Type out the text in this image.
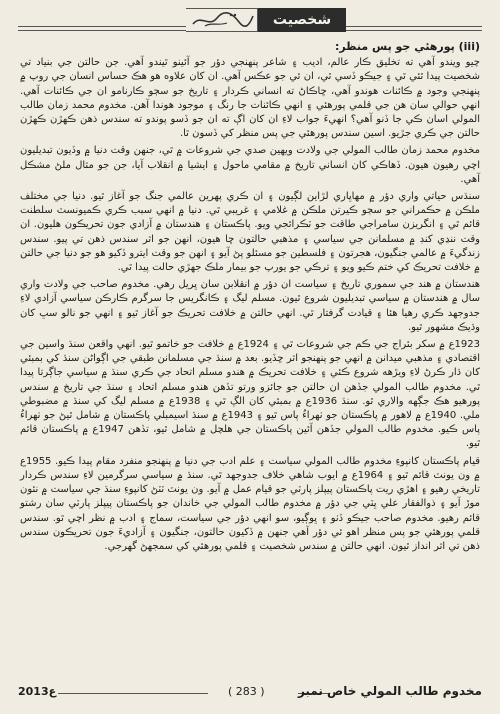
شخصيت

(iii) پورهئي جو پس منظر:

چيو ويندو آهي ته تخليق ڪار عالم، اديب ۽ شاعر پنهنجي دؤر جو آئينو ٿيندو آهي. جن حالتن جي بنياد تي شخصيت پيدا ٿئي ٿي ۽ جيڪو ڏسي ٿي، ان ئي جو عڪس آهي. ان کان علاوه هو هڪ حساس انسان جي روپ ۾ پنهنجي وجود ۾ ڪائنات هوندو آهي، ڇاڪاڻ ته انساني ڪردار ۽ تاريخ جو سڄو ڪارنامو ان جي ڪائنات آهي. انهي حوالي سان هن جي قلمي پورهئي ۽ انهي ڪائنات جا رنگ ۽ موجود هوندا آهن. مخدوم محمد زمان طالب المولي اسان ڪي جا ڏنو آهي؟ انهيءَ جواب لاءِ ان کان اڳ ته ان جو ڏسو پوندو ته سندس ذهن ڪهڙن ڪهڙن حالتن جي ڪري جڙيو. اسين سندس پورهئي جي پس منظر کي ڏسون ٿا.

مخدوم محمد زمان طالب المولي جي ولادت ويهين صدي جي شروعات ۾ ٿي، جنهن وقت دنيا ۾ وڏيون تبديليون اچي رهيون هيون. ڏهاڪي کان انساني تاريخ ۾ مقامي ماحول ۽ ايشيا ۾ انقلاب آيا، جن جو مثال ملڻ مشڪل آهي.

سنڌس حياتي واري دؤر ۾ مهاڀاري لڙاين لڳيون ۽ ان ڪري پهرين عالمي جنگ جو آغاز ٿيو. دنيا جي مختلف ملڪن ۾ حڪمراني جو سڄو ڪيرتن ملڪن ۾ غلامي ۽ غريبي ٿي. دنيا ۾ انهي سبب ڪري ڪميونسٽ سلطنت قائم ٿي ۽ انگريزن سامراجي طاقت جو ٽڪرائجي ويو. پاڪستان ۽ هندستان ۾ آزادي جون تحريڪون هليون. ان وقت ننڍي کنڊ ۾ مسلمانن جي سياسي ۽ مذهبي حالتون ڇا هيون، انهن جو اثر سندس ذهن تي پيو. سندس زندگيءَ ۾ عالمي جنگيون، هجرتون ۽ فلسطين جو مسئلو پڻ آيو ۽ انهن جو وقت ايترو ڏکيو هو جو دنيا جي حالتن ۾ خلافت تحريڪ کي ختم ڪيو ويو ۽ ترڪي جو يورپ جو بيمار ملڪ جهڙي حالت پيدا ٿي.

هندستان ۾ هند جي سموري تاريخ ۽ سياست ان دؤر ۾ انقلابن سان ڀريل رهي. مخدوم صاحب جي ولادت واري سال ۾ هندستان ۾ سياسي تبديليون شروع ٿيون. مسلم ليگ ۽ ڪانگريس جا سرگرم ڪارڪن سياسي آزادي لاءِ جدوجهد ڪري رهيا هئا ۽ قيادت گرفتار ٿي. انهي حالتن ۾ خلافت تحريڪ جو آغاز ٿيو ۽ انهي جو نالو سڀ کان وڌيڪ مشهور ٿيو.

1923ع ۾ سکر بئراج جي ڪم جي شروعات ٿي ۽ 1924ع ۾ خلافت جو خاتمو ٿيو. انهي واقعن سنڌ واسين جي اقتصادي ۽ مذهبي ميدانن ۾ انهي جو پنهنجو اثر ڇڏيو. بعد ۾ سنڌ جي مسلمانن طبقي جي اڳواڻن سنڌ کي بمبئي کان ڌار ڪرڻ لاءِ ويڙهه شروع ڪئي ۽ خلافت تحريڪ ۾ هندو مسلم اتحاد جي ڪري سنڌ ۾ سياسي جاڳرتا پيدا ٿي. مخدوم طالب المولي جڏهن ان حالتن جو جائزو ورتو تڏهن هندو مسلم اتحاد ۽ سنڌ جي تاريخ ۾ سندس پورهيو هڪ جڳهه والاري ٿو. سنڌ 1936ع ۾ بمبئي کان الڳ ٿي ۽ 1938ع ۾ مسلم ليگ کي سنڌ ۾ مضبوطي ملي. 1940ع ۾ لاهور ۾ پاڪستان جو ٺهراءُ پاس ٿيو ۽ 1943ع ۾ سنڌ اسيمبلي پاڪستان ۾ شامل ٿيڻ جو ٺهراءُ پاس ڪيو. مخدوم طالب المولي جڏهن آئين پاڪستان جي هلچل ۾ شامل ٿيو، تڏهن 1947ع ۾ پاڪستان قائم ٿيو.

قيام پاڪستان کانپوءِ مخدوم طالب المولي سياست ۽ علم ادب جي دنيا ۾ پنهنجو منفرد مقام پيدا ڪيو. 1955ع ۾ ون يونٽ قائم ٿيو ۽ 1964ع ۾ ايوب شاهي خلاف جدوجهد ٿي. سنڌ ۾ سياسي سرگرمين لاءِ سندس ڪردار تاريخي رهيو ۽ اهڙي ريت پاڪستان پيپلز پارٽي جو قيام عمل ۾ آيو. ون يونٽ ٽٽڻ کانپوءِ سنڌ جي سياست ۾ نئون موڙ آيو ۽ ذوالفقار علي ڀٽي جي دؤر ۾ مخدوم طالب المولي جي خاندان جو پاڪستان پيپلز پارٽي سان رشتو قائم رهيو. مخدوم صاحب جيڪو ڏٺو ۽ ڀوڳيو، سو انهي دؤر جي سياست، سماج ۽ ادب ۾ نظر اچي ٿو. سندس قلمي پورهئي جو پس منظر اهو ئي دؤر آهي جنهن ۾ ڏکيون حالتون، جنگيون ۽ آزاديءَ جون تحريڪون سندس ذهن تي اثر انداز ٿيون. انهي حالتن ۾ سندس شخصيت ۽ قلمي پورهئي کي سمجهڻ گهرجي.

2013ع	( 283 )	مخدوم طالب المولي خاص نمبر
